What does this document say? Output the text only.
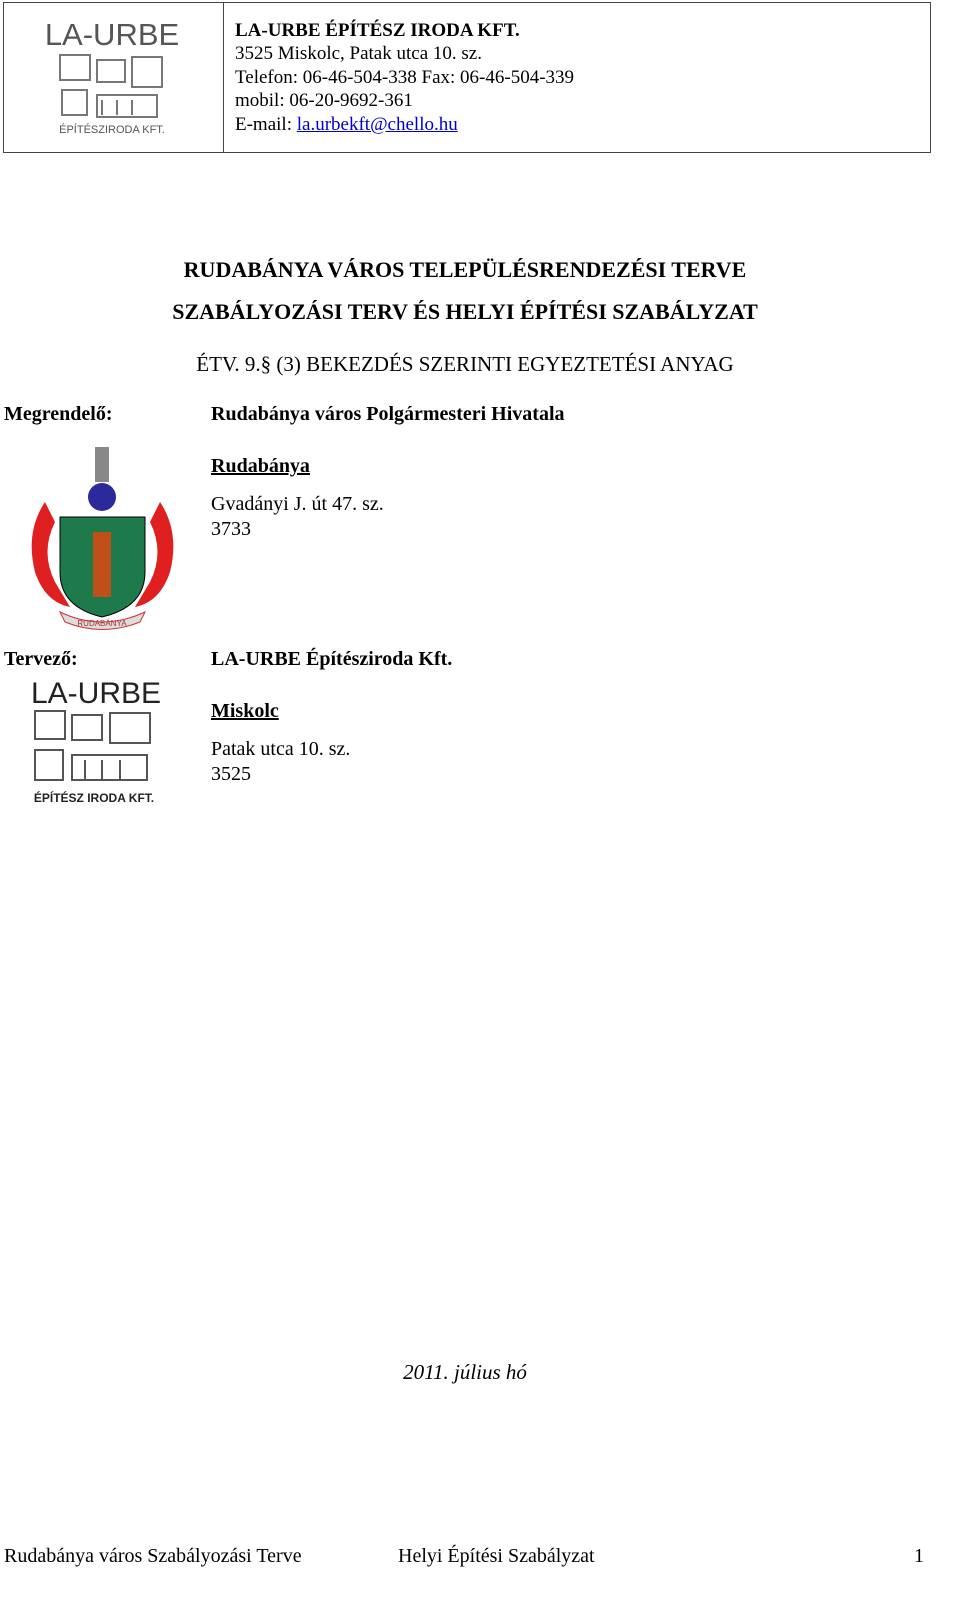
LA-URBE
ÉPÍTÉSZIRODA KFT.
LA-URBE ÉPÍTÉSZ IRODA KFT.
3525 Miskolc, Patak utca 10. sz.
Telefon: 06-46-504-338 Fax: 06-46-504-339
mobil: 06-20-9692-361
E-mail: la.urbekft@chello.hu
RUDABÁNYA VÁROS TELEPÜLÉSRENDEZÉSI TERVE
SZABÁLYOZÁSI TERV ÉS HELYI ÉPÍTÉSI SZABÁLYZAT
ÉTV. 9.§ (3) BEKEZDÉS SZERINTI EGYEZTETÉSI ANYAG
Megrendelő:	Rudabánya város Polgármesteri Hivatala
Rudabánya
Gvadányi J. út 47. sz.
3733
RUDABÁNYA
Tervező:	LA-URBE Építésziroda Kft.
Miskolc
Patak utca 10. sz.
3525
LA-URBE
ÉPÍTÉSZ IRODA KFT.
2011. július hó
Rudabánya város Szabályozási Terve	Helyi Építési Szabályzat	1
